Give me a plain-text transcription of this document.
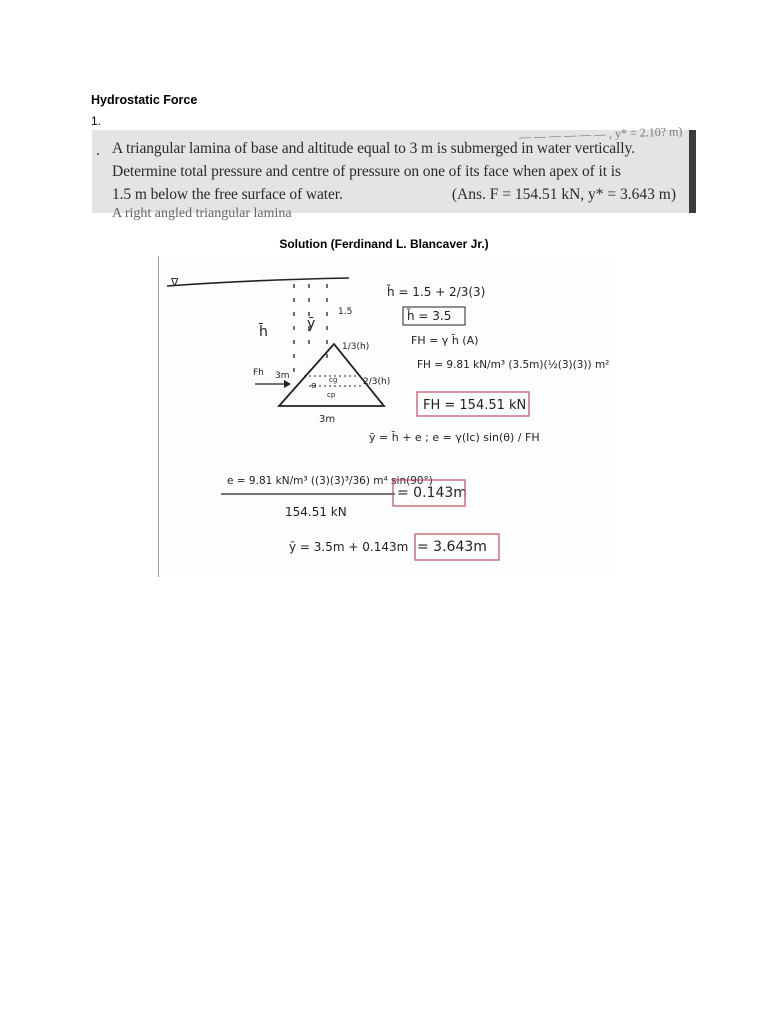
Hydrostatic Force
1.
— — — — — — , y* = 2.10? m)
. A triangular lamina of base and altitude equal to 3 m is submerged in water vertically.
Determine total pressure and centre of pressure on one of its face when apex of it is
1.5 m below the free surface of water.	(Ans. F = 154.51 kN, y* = 3.643 m)
A right angled triangular lamina
Solution (Ferdinand L. Blancaver Jr.)
∇
h̄	ȳ
1.5
1/3(h)
2/3(h)
Fh 3m
3m
e
cg
cp
h̄ = 1.5 + 2/3(3)
h̄ = 3.5
FH = γ h̄ (A)
FH = 9.81 kN/m³ (3.5m)(½(3)(3)) m²
FH = 154.51 kN
ȳ = h̄ + e ; e = γ(Ic) sin(θ) / FH
e = 9.81 kN/m³ ((3)(3)³/36) m⁴ sin(90°)
154.51 kN
= 0.143m
ȳ = 3.5m + 0.143m = 3.643m
